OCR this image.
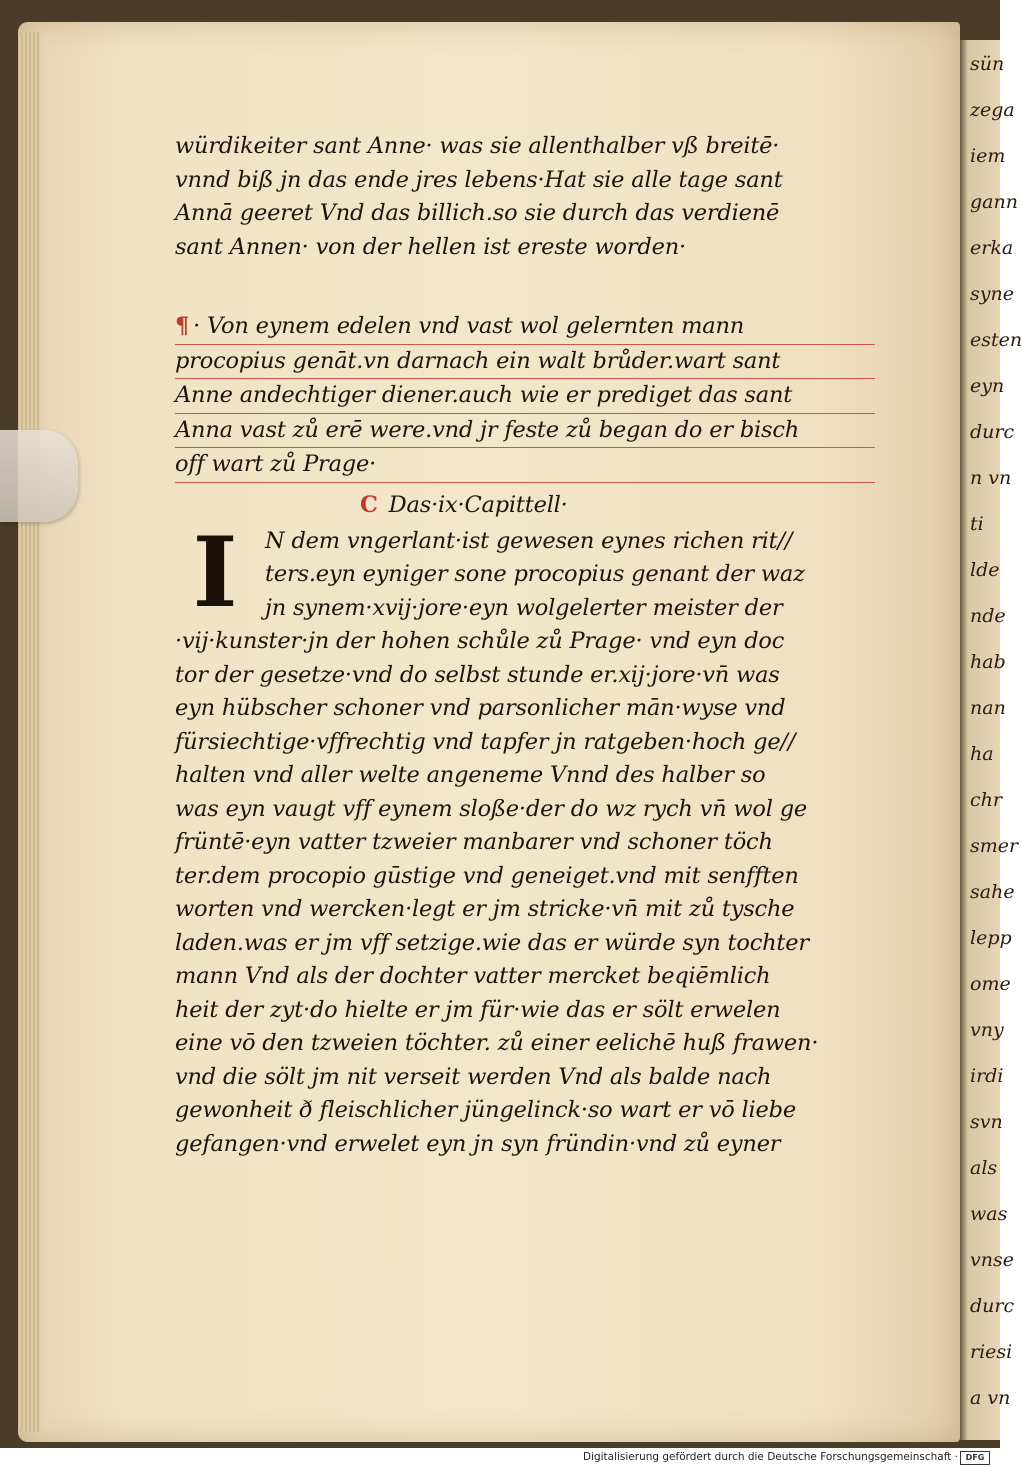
sün
zega
iem
gann
erka
syne
esten
eyn
durc
n vn
ti
lde
nde
hab
nan
ha
chr
smer
sahe
lepp
ome
vny
irdi
svn
als
was
vnse
durc
riesi
a vn
würdikeiter sant Anne· was sie allenthalber vß breitē·
vnnd biß jn das ende jres lebens·Hat sie alle tage sant
Annā geeret Vnd das billich.so sie durch das verdienē
sant Annen· von der hellen ist ereste worden·
¶ · Von eynem edelen vnd vast wol gelernten mann
procopius genāt.vn darnach ein walt brůder.wart sant
Anne andechtiger diener.auch wie er prediget das sant
Anna vast zů erē were.vnd jr feste zů began do er bisch
off wart zů Prage·
C Das·ix·Capittell·
I	N dem vngerlant·ist gewesen eynes richen rit//
ters.eyn eyniger sone procopius genant der waz
jn synem·xvij·jore·eyn wolgelerter meister der
·vij·kunster·jn der hohen schůle zů Prage· vnd eyn doc
tor der gesetze·vnd do selbst stunde er.xij·jore·vn̄ was
eyn hübscher schoner vnd parsonlicher mān·wyse vnd
fürsiechtige·vffrechtig vnd tapfer jn ratgeben·hoch ge//
halten vnd aller welte angeneme Vnnd des halber so
was eyn vaugt vff eynem sloße·der do wz rych vn̄ wol ge
früntē·eyn vatter tzweier manbarer vnd schoner töch
ter.dem procopio gūstige vnd geneiget.vnd mit senfften
worten vnd wercken·legt er jm stricke·vn̄ mit zů tysche
laden.was er jm vff setzige.wie das er würde syn tochter
mann Vnd als der dochter vatter mercket beqiēmlich
heit der zyt·do hielte er jm für·wie das er sölt erwelen
eine vō den tzweien töchter. zů einer eelichē huß frawen·
vnd die sölt jm nit verseit werden Vnd als balde nach
gewonheit ð fleischlicher jüngelinck·so wart er vō liebe
gefangen·vnd erwelet eyn jn syn fründin·vnd zů eyner
Digitalisierung gefördert durch die Deutsche Forschungsgemeinschaft · DFG
